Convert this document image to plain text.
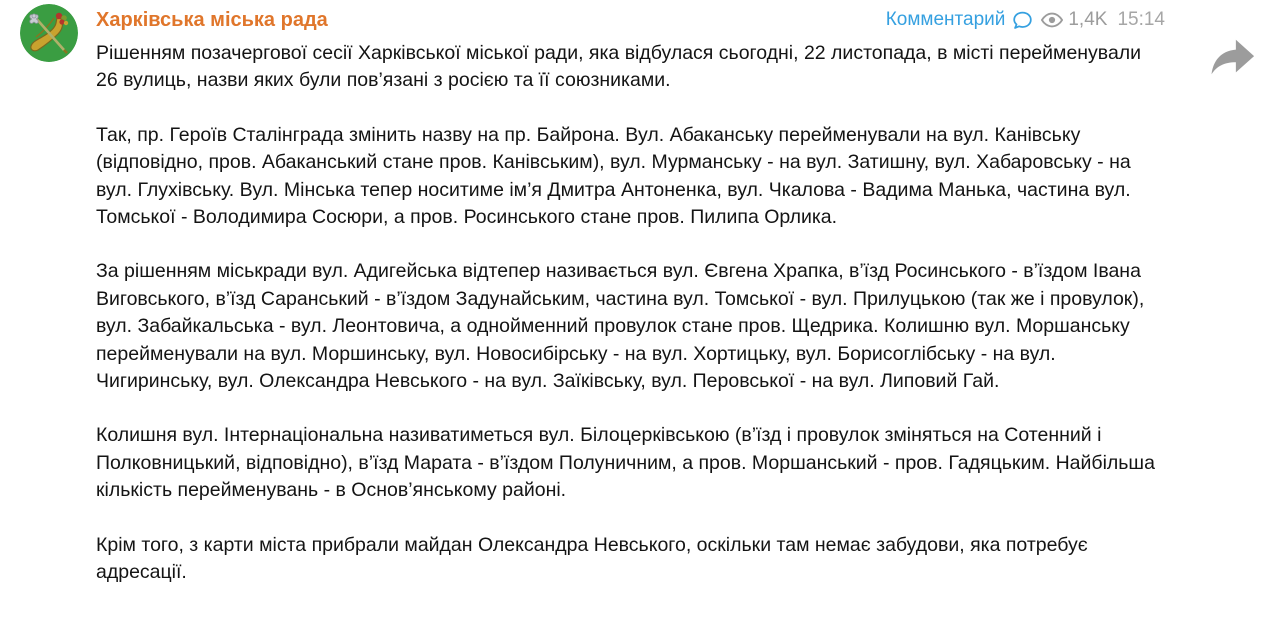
Харківська міська рада	Комментарий	1,4K 15:14

Рішенням позачергової сесії Харківської міської ради, яка відбулася сьогодні, 22 листопада, в місті перейменували 26 вулиць, назви яких були пов’язані з росією та її союзниками.

Так, пр. Героїв Сталінграда змінить назву на пр. Байрона. Вул. Абаканську перейменували на вул. Канівську (відповідно, пров. Абаканський стане пров. Канівським), вул. Мурманську - на вул. Затишну, вул. Хабаровську - на вул. Глухівську. Вул. Мінська тепер носитиме ім’я Дмитра Антоненка, вул. Чкалова - Вадима Манька, частина вул. Томської - Володимира Сосюри, а пров. Росинського стане пров. Пилипа Орлика.

За рішенням міськради вул. Адигейська відтепер називається вул. Євгена Храпка, в’їзд Росинського - в’їздом Івана Виговського, в’їзд Саранський - в’їздом Задунайським, частина вул. Томської - вул. Прилуцькою (так же і провулок), вул. Забайкальська - вул. Леонтовича, а однойменний провулок стане пров. Щедрика. Колишню вул. Моршанську перейменували на вул. Моршинську, вул. Новосибірську - на вул. Хортицьку, вул. Борисоглібську - на вул. Чигиринську, вул. Олександра Невського - на вул. Заїківську, вул. Перовської - на вул. Липовий Гай.

Колишня вул. Інтернаціональна називатиметься вул. Білоцерківською (в’їзд і провулок зміняться на Сотенний і Полковницький, відповідно), в’їзд Марата - в’їздом Полуничним, а пров. Моршанський - пров. Гадяцьким. Найбільша кількість перейменувань - в Основ’янському районі.

Крім того, з карти міста прибрали майдан Олександра Невського, оскільки там немає забудови, яка потребує адресації.
